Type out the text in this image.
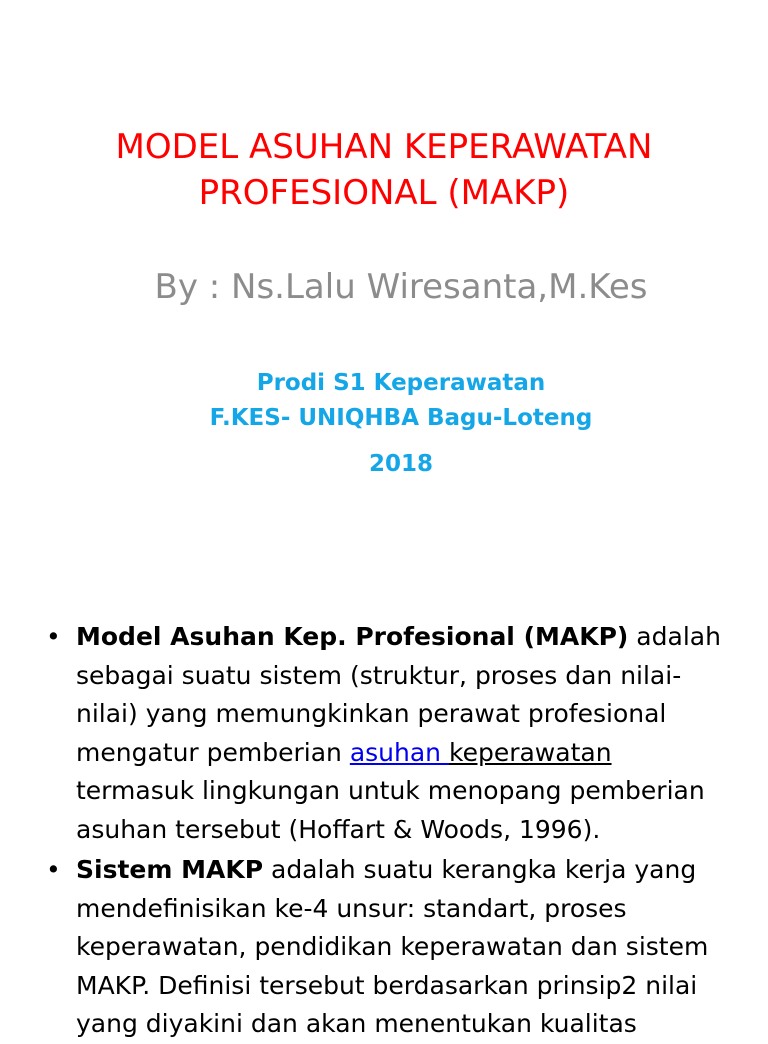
MODEL ASUHAN KEPERAWATAN
PROFESIONAL (MAKP)

By : Ns.Lalu Wiresanta,M.Kes

Prodi S1 Keperawatan
F.KES- UNIQHBA Bagu-Loteng

2018

• Model Asuhan Kep. Profesional (MAKP) adalah sebagai suatu sistem (struktur, proses dan nilai-nilai) yang memungkinkan perawat profesional mengatur pemberian asuhan keperawatan termasuk lingkungan untuk menopang pemberian asuhan tersebut (Hoffart & Woods, 1996).
• Sistem MAKP adalah suatu kerangka kerja yang mendefinisikan ke-4 unsur: standart, proses keperawatan, pendidikan keperawatan dan sistem MAKP. Definisi tersebut berdasarkan prinsip2 nilai yang diyakini dan akan menentukan kualitas
